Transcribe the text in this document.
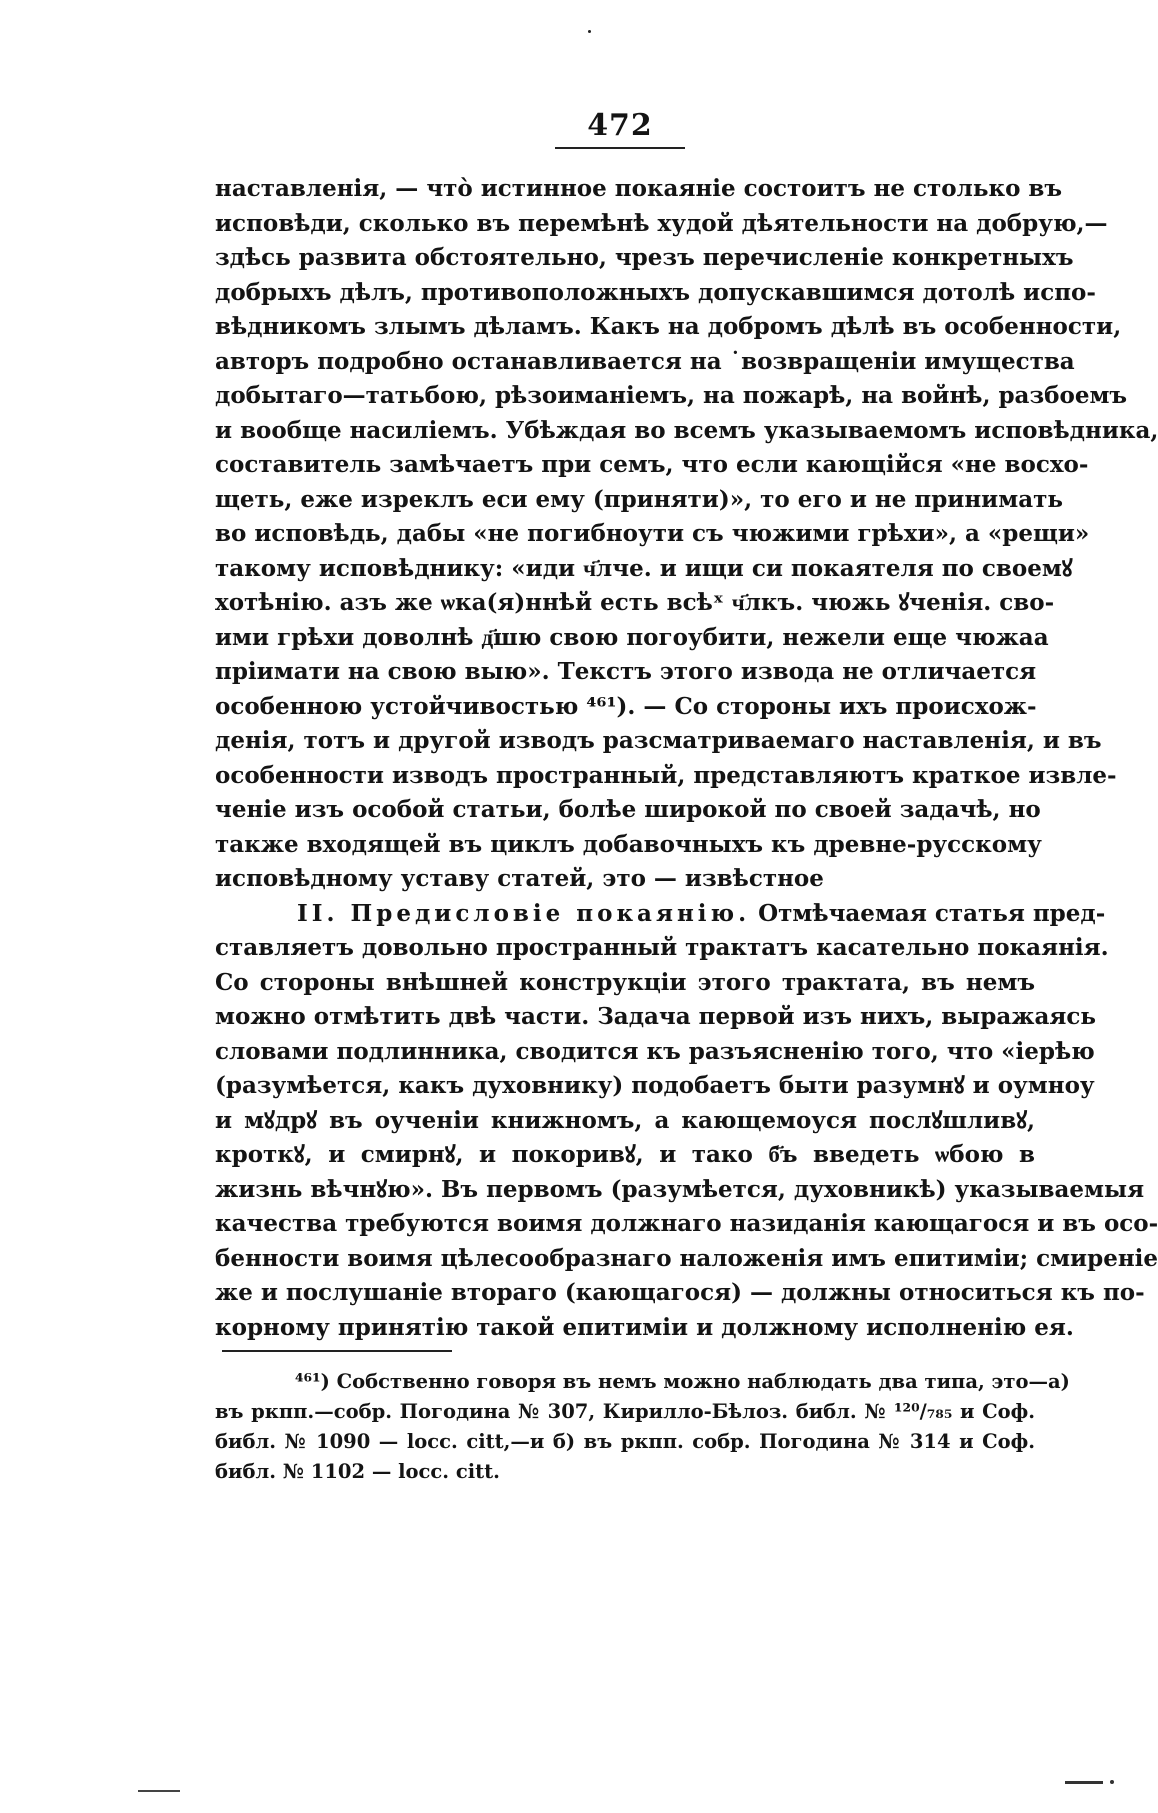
472
наставленія, — что̀ истинное покаяніе состоитъ не столько въ
исповѣди, сколько въ перемѣнѣ худой дѣятельности на добрую,—
здѣсь развита обстоятельно, чрезъ перечисленіе конкретныхъ
добрыхъ дѣлъ, противоположныхъ допускавшимся дотолѣ испо-
вѣдникомъ злымъ дѣламъ. Какъ на добромъ дѣлѣ въ особенности,
авторъ подробно останавливается на ˙возвращеніи имущества
добытаго—татьбою, рѣзоиманіемъ, на пожарѣ, на войнѣ, разбоемъ
и вообще насиліемъ. Убѣждая во всемъ указываемомъ исповѣдника,
составитель замѣчаетъ при семъ, что если кающійся «не восхо-
щеть, еже изреклъ еси ему (приняти)», то его и не принимать
во исповѣдь, дабы «не погибноути съ чюжими грѣхи», а «рещи»
такому исповѣднику: «иди ч҃лче. и ищи си покаятеля по своемꙋ
хотѣнію. азъ же ѡка(я)ннѣй есть всѣˣ ч҃лкъ. чюжь ꙋченія. сво-
ими грѣхи доволнѣ д҃шю свою погоубити, нежели еще чюжаа
пріимати на свою выю». Текстъ этого извода не отличается
особенною устойчивостью ⁴⁶¹). — Со стороны ихъ происхож-
денія, тотъ и другой изводъ разсматриваемаго наставленія, и въ
особенности изводъ пространный, представляютъ краткое извле-
ченіе изъ особой статьи, болѣе широкой по своей задачѣ, но
также входящей въ циклъ добавочныхъ къ древне-русскому
исповѣдному уставу статей, это — извѣстное
II. Предисловіе покаянію. Отмѣчаемая статья пред-
ставляетъ довольно пространный трактатъ касательно покаянія.
Со стороны внѣшней конструкціи этого трактата, въ немъ
можно отмѣтить двѣ части. Задача первой изъ нихъ, выражаясь
словами подлинника, сводится къ разъясненію того, что «іерѣю
(разумѣется, какъ духовнику) подобаетъ быти разумнꙋ и оумноу
и мꙋдрꙋ въ оученіи книжномъ, а кающемоуся послꙋшливꙋ,
кроткꙋ, и смирнꙋ, и покоривꙋ, и тако б҃ъ введеть ѡбою в
жизнь вѣчнꙋю». Въ первомъ (разумѣется, духовникѣ) указываемыя
качества требуются воимя должнаго назиданія кающагося и въ осо-
бенности воимя цѣлесообразнаго наложенія имъ епитиміи; смиреніе
же и послушаніе втораго (кающагося) — должны относиться къ по-
корному принятію такой епитиміи и должному исполненію ея.
⁴⁶¹) Собственно говоря въ немъ можно наблюдать два типа, это—а)
въ ркпп.—собр. Погодина № 307, Кирилло-Бѣлоз. библ. № ¹²⁰/₇₈₅ и Соф.
библ. № 1090 — locc. citt,—и б) въ ркпп. собр. Погодина № 314 и Соф.
библ. № 1102 — locc. citt.
